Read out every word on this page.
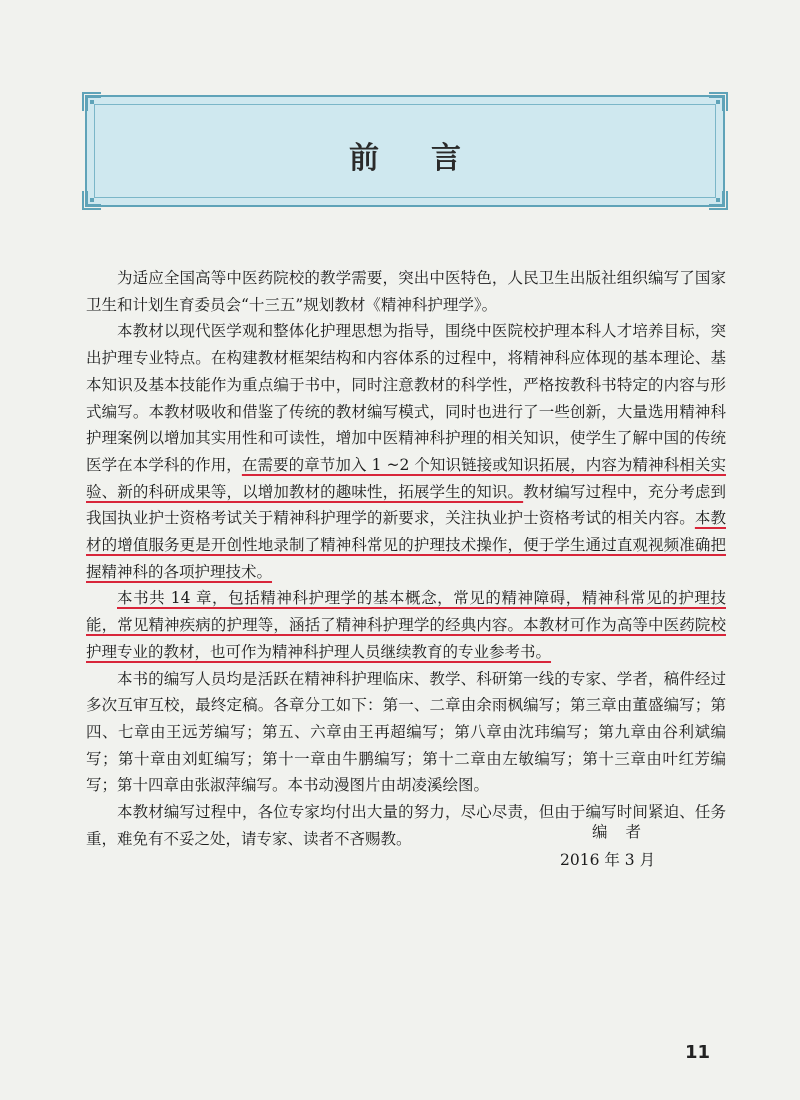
前言

为适应全国高等中医药院校的教学需要，突出中医特色，人民卫生出版社组织编写了国家卫生和计划生育委员会“十三五”规划教材《精神科护理学》。

本教材以现代医学观和整体化护理思想为指导，围绕中医院校护理本科人才培养目标，突出护理专业特点。在构建教材框架结构和内容体系的过程中，将精神科应体现的基本理论、基本知识及基本技能作为重点编于书中，同时注意教材的科学性，严格按教科书特定的内容与形式编写。本教材吸收和借鉴了传统的教材编写模式，同时也进行了一些创新，大量选用精神科护理案例以增加其实用性和可读性，增加中医精神科护理的相关知识，使学生了解中国的传统医学在本学科的作用，在需要的章节加入 1 ~2 个知识链接或知识拓展，内容为精神科相关实验、新的科研成果等，以增加教材的趣味性，拓展学生的知识。教材编写过程中，充分考虑到我国执业护士资格考试关于精神科护理学的新要求，关注执业护士资格考试的相关内容。本教材的增值服务更是开创性地录制了精神科常见的护理技术操作，便于学生通过直观视频准确把握精神科的各项护理技术。

本书共 14 章，包括精神科护理学的基本概念，常见的精神障碍，精神科常见的护理技能，常见精神疾病的护理等，涵括了精神科护理学的经典内容。本教材可作为高等中医药院校护理专业的教材，也可作为精神科护理人员继续教育的专业参考书。

本书的编写人员均是活跃在精神科护理临床、教学、科研第一线的专家、学者，稿件经过多次互审互校，最终定稿。各章分工如下：第一、二章由余雨枫编写；第三章由董盛编写；第四、七章由王远芳编写；第五、六章由王再超编写；第八章由沈玮编写；第九章由谷利斌编写；第十章由刘虹编写；第十一章由牛鹏编写；第十二章由左敏编写；第十三章由叶红芳编写；第十四章由张淑萍编写。本书动漫图片由胡凌溪绘图。

本教材编写过程中，各位专家均付出大量的努力，尽心尽责，但由于编写时间紧迫、任务重，难免有不妥之处，请专家、读者不吝赐教。	编者
2016 年 3 月
11
